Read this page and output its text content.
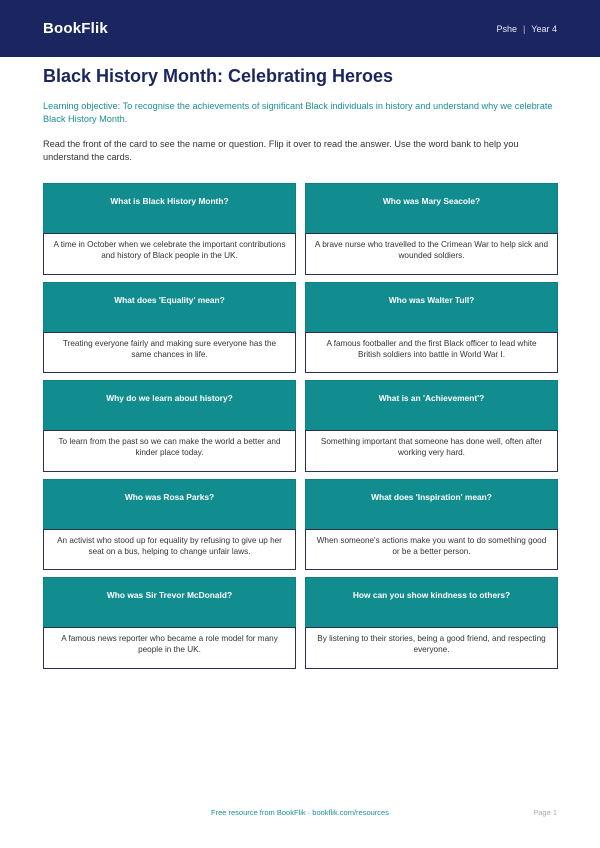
BookFlik	Pshe | Year 4
Black History Month: Celebrating Heroes

Learning objective: To recognise the achievements of significant Black individuals in history and understand why we celebrate Black History Month.

Read the front of the card to see the name or question. Flip it over to read the answer. Use the word bank to help you understand the cards.

What is Black History Month?
A time in October when we celebrate the important contributions and history of Black people in the UK.
Who was Mary Seacole?
A brave nurse who travelled to the Crimean War to help sick and wounded soldiers.
What does 'Equality' mean?
Treating everyone fairly and making sure everyone has the same chances in life.
Who was Walter Tull?
A famous footballer and the first Black officer to lead white British soldiers into battle in World War I.
Why do we learn about history?
To learn from the past so we can make the world a better and kinder place today.
What is an 'Achievement'?
Something important that someone has done well, often after working very hard.
Who was Rosa Parks?
An activist who stood up for equality by refusing to give up her seat on a bus, helping to change unfair laws.
What does 'Inspiration' mean?
When someone's actions make you want to do something good or be a better person.
Who was Sir Trevor McDonald?
A famous news reporter who became a role model for many people in the UK.
How can you show kindness to others?
By listening to their stories, being a good friend, and respecting everyone.
Free resource from BookFlik · bookflik.com/resources	Page 1
